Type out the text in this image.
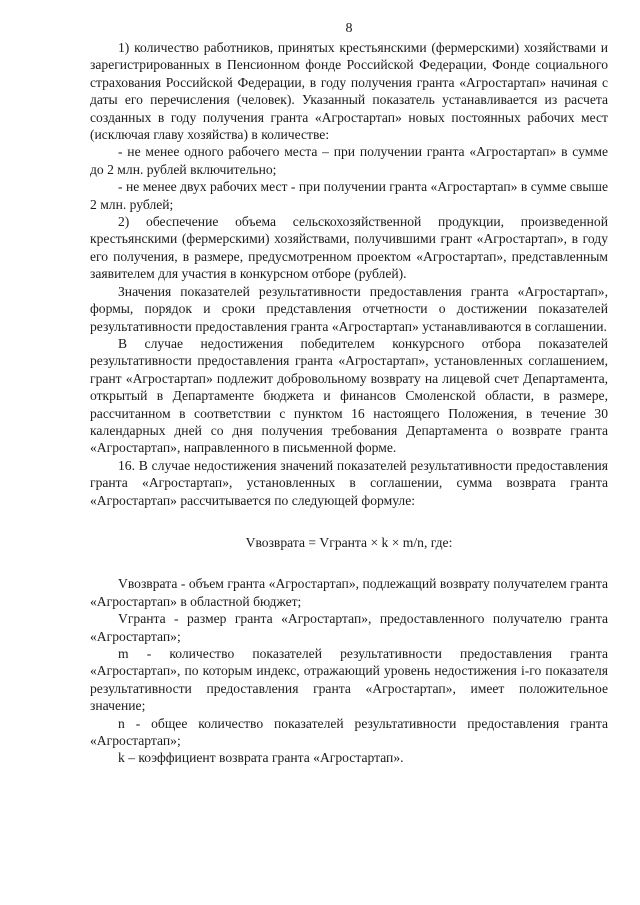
8

1) количество работников, принятых крестьянскими (фермерскими) хозяйствами и зарегистрированных в Пенсионном фонде Российской Федерации, Фонде социального страхования Российской Федерации, в году получения гранта «Агростартап» начиная с даты его перечисления (человек). Указанный показатель устанавливается из расчета созданных в году получения гранта «Агростартап» новых постоянных рабочих мест (исключая главу хозяйства) в количестве:

- не менее одного рабочего места – при получении гранта «Агростартап» в сумме до 2 млн. рублей включительно;

- не менее двух рабочих мест - при получении гранта «Агростартап» в сумме свыше 2 млн. рублей;

2) обеспечение объема сельскохозяйственной продукции, произведенной крестьянскими (фермерскими) хозяйствами, получившими грант «Агростартап», в году его получения, в размере, предусмотренном проектом «Агростартап», представленным заявителем для участия в конкурсном отборе (рублей).

Значения показателей результативности предоставления гранта «Агростартап», формы, порядок и сроки представления отчетности о достижении показателей результативности предоставления гранта «Агростартап» устанавливаются в соглашении.

В случае недостижения победителем конкурсного отбора показателей результативности предоставления гранта «Агростартап», установленных соглашением, грант «Агростартап» подлежит добровольному возврату на лицевой счет Департамента, открытый в Департаменте бюджета и финансов Смоленской области, в размере, рассчитанном в соответствии с пунктом 16 настоящего Положения, в течение 30 календарных дней со дня получения требования Департамента о возврате гранта «Агростартап», направленного в письменной форме.

16. В случае недостижения значений показателей результативности предоставления гранта «Агростартап», установленных в соглашении, сумма возврата гранта «Агростартап» рассчитывается по следующей формуле:

Vвозврата = Vгранта × k × m/n, где:

Vвозврата - объем гранта «Агростартап», подлежащий возврату получателем гранта «Агростартап» в областной бюджет;

Vгранта - размер гранта «Агростартап», предоставленного получателю гранта «Агростартап»;

m - количество показателей результативности предоставления гранта «Агростартап», по которым индекс, отражающий уровень недостижения i-го показателя результативности предоставления гранта «Агростартап», имеет положительное значение;

n - общее количество показателей результативности предоставления гранта «Агростартап»;

k – коэффициент возврата гранта «Агростартап».
